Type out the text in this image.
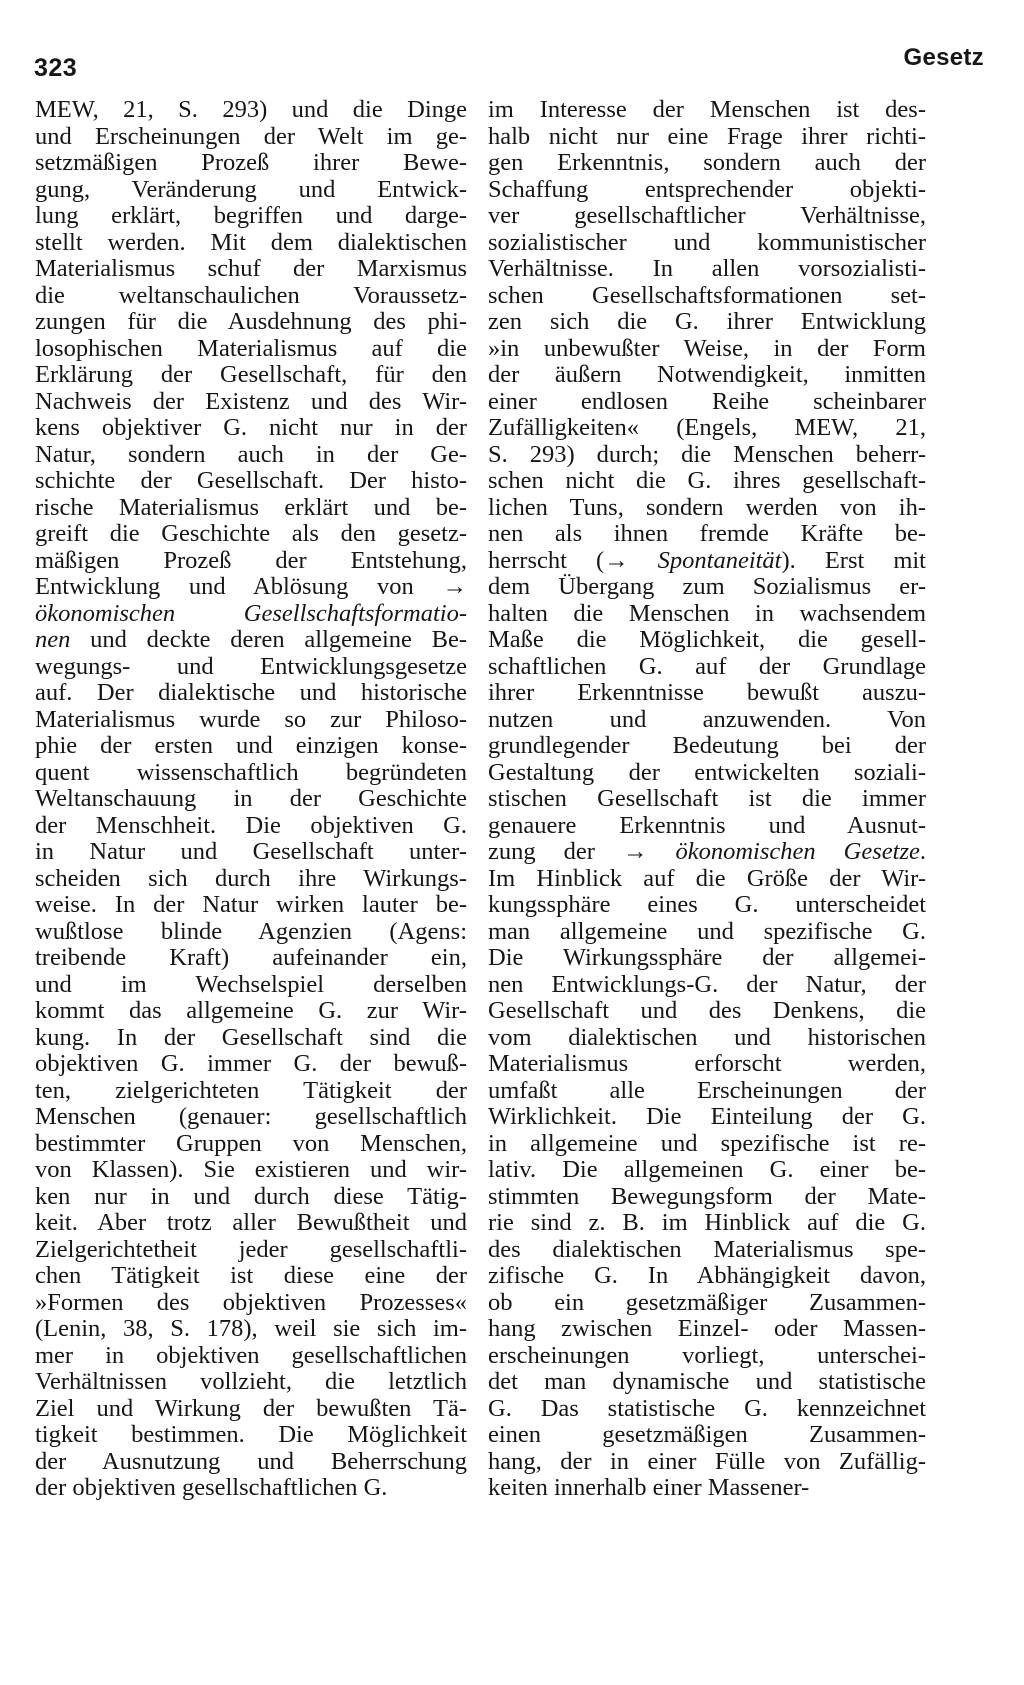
323	Gesetz
MEW, 21, S. 293) und die Dinge
und Erscheinungen der Welt im ge-
setzmäßigen Prozeß ihrer Bewe-
gung, Veränderung und Entwick-
lung erklärt, begriffen und darge-
stellt werden. Mit dem dialektischen
Materialismus schuf der Marxismus
die weltanschaulichen Voraussetz-
zungen für die Ausdehnung des phi-
losophischen Materialismus auf die
Erklärung der Gesellschaft, für den
Nachweis der Existenz und des Wir-
kens objektiver G. nicht nur in der
Natur, sondern auch in der Ge-
schichte der Gesellschaft. Der histo-
rische Materialismus erklärt und be-
greift die Geschichte als den gesetz-
mäßigen Prozeß der Entstehung,
Entwicklung und Ablösung von →
ökonomischen Gesellschaftsformatio-
nen und deckte deren allgemeine Be-
wegungs- und Entwicklungsgesetze
auf. Der dialektische und historische
Materialismus wurde so zur Philoso-
phie der ersten und einzigen konse-
quent wissenschaftlich begründeten
Weltanschauung in der Geschichte
der Menschheit. Die objektiven G.
in Natur und Gesellschaft unter-
scheiden sich durch ihre Wirkungs-
weise. In der Natur wirken lauter be-
wußtlose blinde Agenzien (Agens:
treibende Kraft) aufeinander ein,
und im Wechselspiel derselben
kommt das allgemeine G. zur Wir-
kung. In der Gesellschaft sind die
objektiven G. immer G. der bewuß-
ten, zielgerichteten Tätigkeit der
Menschen (genauer: gesellschaftlich
bestimmter Gruppen von Menschen,
von Klassen). Sie existieren und wir-
ken nur in und durch diese Tätig-
keit. Aber trotz aller Bewußtheit und
Zielgerichtetheit jeder gesellschaftli-
chen Tätigkeit ist diese eine der
»Formen des objektiven Prozesses«
(Lenin, 38, S. 178), weil sie sich im-
mer in objektiven gesellschaftlichen
Verhältnissen vollzieht, die letztlich
Ziel und Wirkung der bewußten Tä-
tigkeit bestimmen. Die Möglichkeit
der Ausnutzung und Beherrschung
der objektiven gesellschaftlichen G.
im Interesse der Menschen ist des-
halb nicht nur eine Frage ihrer richti-
gen Erkenntnis, sondern auch der
Schaffung entsprechender objekti-
ver gesellschaftlicher Verhältnisse,
sozialistischer und kommunistischer
Verhältnisse. In allen vorsozialisti-
schen Gesellschaftsformationen set-
zen sich die G. ihrer Entwicklung
»in unbewußter Weise, in der Form
der äußern Notwendigkeit, inmitten
einer endlosen Reihe scheinbarer
Zufälligkeiten« (Engels, MEW, 21,
S. 293) durch; die Menschen beherr-
schen nicht die G. ihres gesellschaft-
lichen Tuns, sondern werden von ih-
nen als ihnen fremde Kräfte be-
herrscht (→ Spontaneität). Erst mit
dem Übergang zum Sozialismus er-
halten die Menschen in wachsendem
Maße die Möglichkeit, die gesell-
schaftlichen G. auf der Grundlage
ihrer Erkenntnisse bewußt auszu-
nutzen und anzuwenden. Von
grundlegender Bedeutung bei der
Gestaltung der entwickelten soziali-
stischen Gesellschaft ist die immer
genauere Erkenntnis und Ausnut-
zung der → ökonomischen Gesetze.
Im Hinblick auf die Größe der Wir-
kungssphäre eines G. unterscheidet
man allgemeine und spezifische G.
Die Wirkungssphäre der allgemei-
nen Entwicklungs-G. der Natur, der
Gesellschaft und des Denkens, die
vom dialektischen und historischen
Materialismus erforscht werden,
umfaßt alle Erscheinungen der
Wirklichkeit. Die Einteilung der G.
in allgemeine und spezifische ist re-
lativ. Die allgemeinen G. einer be-
stimmten Bewegungsform der Mate-
rie sind z. B. im Hinblick auf die G.
des dialektischen Materialismus spe-
zifische G. In Abhängigkeit davon,
ob ein gesetzmäßiger Zusammen-
hang zwischen Einzel- oder Massen-
erscheinungen vorliegt, unterschei-
det man dynamische und statistische
G. Das statistische G. kennzeichnet
einen gesetzmäßigen Zusammen-
hang, der in einer Fülle von Zufällig-
keiten innerhalb einer Massener-
